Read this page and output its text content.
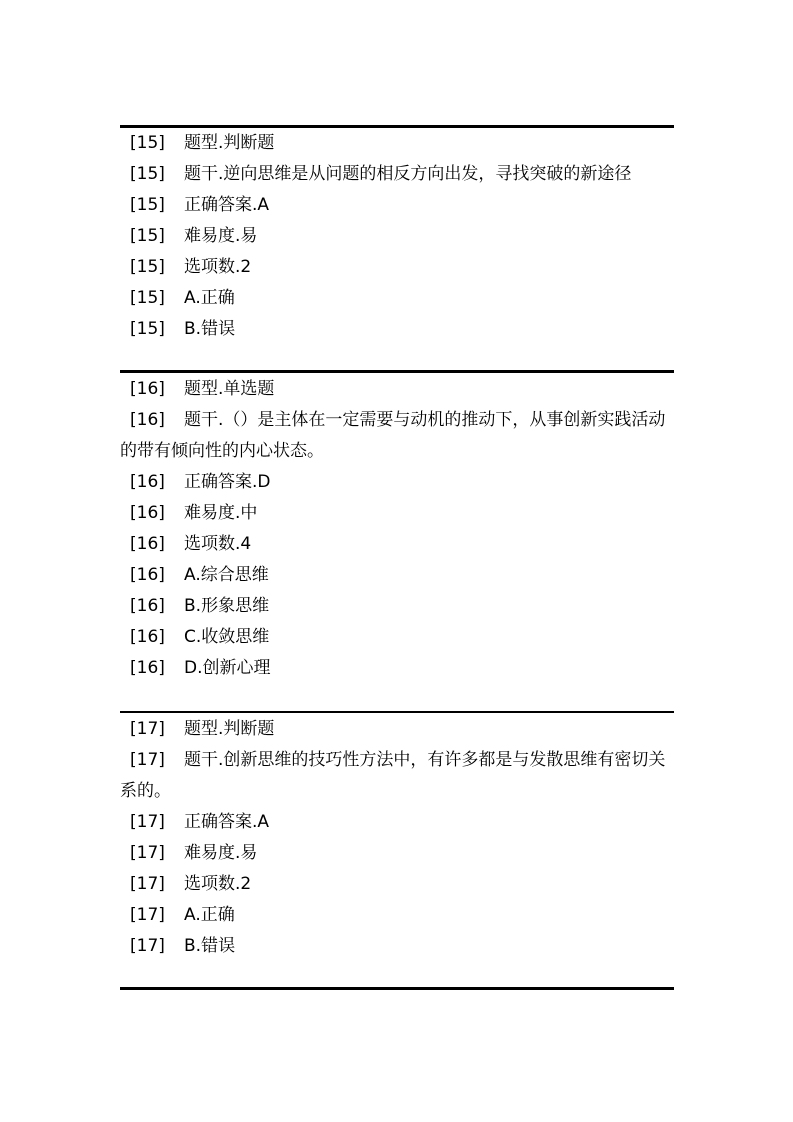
[15] 题型.判断题
[15] 题干.逆向思维是从问题的相反方向出发，寻找突破的新途径
[15] 正确答案.A
[15] 难易度.易
[15] 选项数.2
[15] A.正确
[15] B.错误
[16] 题型.单选题
[16] 题干.（）是主体在一定需要与动机的推动下，从事创新实践活动的带有倾向性的内心状态。
[16] 正确答案.D
[16] 难易度.中
[16] 选项数.4
[16] A.综合思维
[16] B.形象思维
[16] C.收敛思维
[16] D.创新心理
[17] 题型.判断题
[17] 题干.创新思维的技巧性方法中，有许多都是与发散思维有密切关系的。
[17] 正确答案.A
[17] 难易度.易
[17] 选项数.2
[17] A.正确
[17] B.错误
